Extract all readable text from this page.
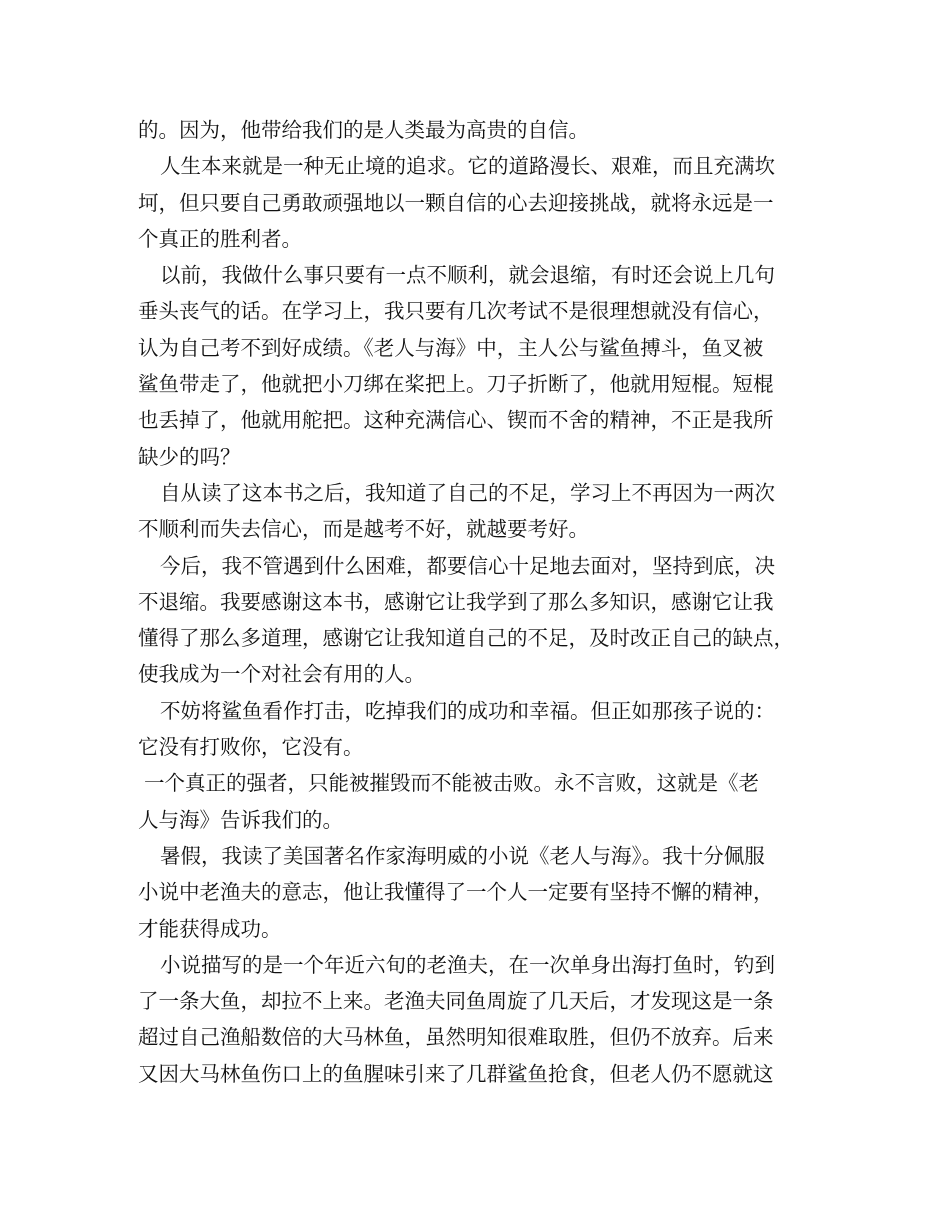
的。因为，他带给我们的是人类最为高贵的自信。
人生本来就是一种无止境的追求。它的道路漫长、艰难，而且充满坎
坷，但只要自己勇敢顽强地以一颗自信的心去迎接挑战，就将永远是一
个真正的胜利者。
以前，我做什么事只要有一点不顺利，就会退缩，有时还会说上几句
垂头丧气的话。在学习上，我只要有几次考试不是很理想就没有信心，
认为自己考不到好成绩。《老人与海》中，主人公与鲨鱼搏斗，鱼叉被
鲨鱼带走了，他就把小刀绑在桨把上。刀子折断了，他就用短棍。短棍
也丢掉了，他就用舵把。这种充满信心、锲而不舍的精神，不正是我所
缺少的吗？
自从读了这本书之后，我知道了自己的不足，学习上不再因为一两次
不顺利而失去信心，而是越考不好，就越要考好。
今后，我不管遇到什么困难，都要信心十足地去面对，坚持到底，决
不退缩。我要感谢这本书，感谢它让我学到了那么多知识，感谢它让我
懂得了那么多道理，感谢它让我知道自己的不足，及时改正自己的缺点，
使我成为一个对社会有用的人。
不妨将鲨鱼看作打击，吃掉我们的成功和幸福。但正如那孩子说的：
它没有打败你，它没有。
一个真正的强者，只能被摧毁而不能被击败。永不言败，这就是《老
人与海》告诉我们的。
暑假，我读了美国著名作家海明威的小说《老人与海》。我十分佩服
小说中老渔夫的意志，他让我懂得了一个人一定要有坚持不懈的精神，
才能获得成功。
小说描写的是一个年近六旬的老渔夫，在一次单身出海打鱼时，钓到
了一条大鱼，却拉不上来。老渔夫同鱼周旋了几天后，才发现这是一条
超过自己渔船数倍的大马林鱼，虽然明知很难取胜，但仍不放弃。后来
又因大马林鱼伤口上的鱼腥味引来了几群鲨鱼抢食，但老人仍不愿就这
